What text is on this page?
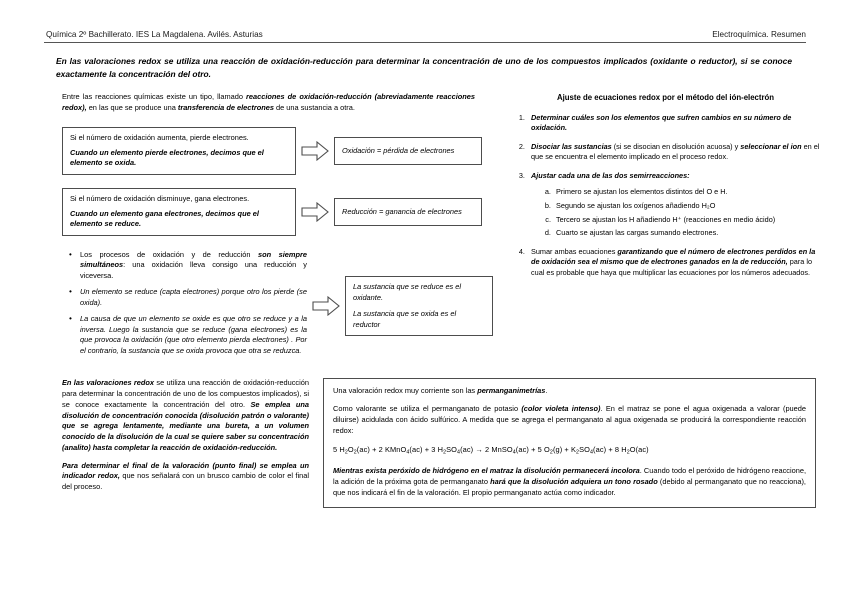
Química 2º Bachillerato. IES La Magdalena. Avilés. Asturias	Electroquímica. Resumen
En las valoraciones redox se utiliza una reacción de oxidación-reducción para determinar la concentración de uno de los compuestos implicados (oxidante o reductor), si se conoce exactamente la concentración del otro.
Entre las reacciones químicas existe un tipo, llamado reacciones de oxidación-reducción (abreviadamente reacciones redox), en las que se produce una transferencia de electrones de una sustancia a otra.

Si el número de oxidación aumenta, pierde electrones.

Cuando un elemento pierde electrones, decimos que el elemento se oxida.

Oxidación = pérdida de electrones

Si el número de oxidación disminuye, gana electrones.

Cuando un elemento gana electrones, decimos que el elemento se reduce.

Reducción = ganancia de electrones

• Los procesos de oxidación y de reducción son siempre simultáneos: una oxidación lleva consigo una reducción y viceversa.
• Un elemento se reduce (capta electrones) porque otro los pierde (se oxida).
• La causa de que un elemento se oxide es que otro se reduce y a la inversa. Luego la sustancia que se reduce (gana electrones) es la que provoca la oxidación (que otro elemento pierda electrones) . Por el contrario, la sustancia que se oxida provoca que otra se reduzca.

La sustancia que se reduce es el oxidante.

La sustancia que se oxida es el reductor

Ajuste de ecuaciones redox por el método del ión-electrón
1. Determinar cuáles son los elementos que sufren cambios en su número de oxidación.
2. Disociar las sustancias (si se disocian en disolución acuosa) y seleccionar el ion en el que se encuentra el elemento implicado en el proceso redox.
3. Ajustar cada una de las dos semirreacciones:
a. Primero se ajustan los elementos distintos del O e H.
b. Segundo se ajustan los oxígenos añadiendo H₂O
c. Tercero se ajustan los H añadiendo H⁺ (reacciones en medio ácido)
d. Cuarto se ajustan las cargas sumando electrones.
4. Sumar ambas ecuaciones garantizando que el número de electrones perdidos en la de oxidación sea el mismo que de electrones ganados en la de reducción, para lo cual es probable que haya que multiplicar las ecuaciones por los números adecuados.

En las valoraciones redox se utiliza una reacción de oxidación-reducción para determinar la concentración de uno de los compuestos implicados), si se conoce exactamente la concentración del otro. Se emplea una disolución de concentración conocida (disolución patrón o valorante) que se agrega lentamente, mediante una bureta, a un volumen conocido de la disolución de la cual se quiere saber su concentración (analito) hasta completar la reacción de oxidación-reducción.

Para determinar el final de la valoración (punto final) se emplea un indicador redox, que nos señalará con un brusco cambio de color el final del proceso.

Una valoración redox muy corriente son las permanganimetrías.

Como valorante se utiliza el permanganato de potasio (color violeta intenso). En el matraz se pone el agua oxigenada a valorar (puede diluirse) acidulada con ácido sulfúrico. A medida que se agrega el permanganato al agua oxigenada se producirá la correspondiente reacción redox:

5 $H_2O_2(ac) + 2$ KMnO$_4$(ac) + 3 $H_2SO_4(ac) \to 2$ MnSO$_4$(ac) + 5 $O_2(g) + K_2SO_4(ac) + 8$ $H_2O(ac)$

Mientras exista peróxido de hidrógeno en el matraz la disolución permanecerá incolora. Cuando todo el peróxido de hidrógeno reaccione, la adición de la próxima gota de permanganato hará que la disolución adquiera un tono rosado (debido al permanganato que no reacciona), que nos indicará el fin de la valoración. El propio permanganato actúa como indicador.
